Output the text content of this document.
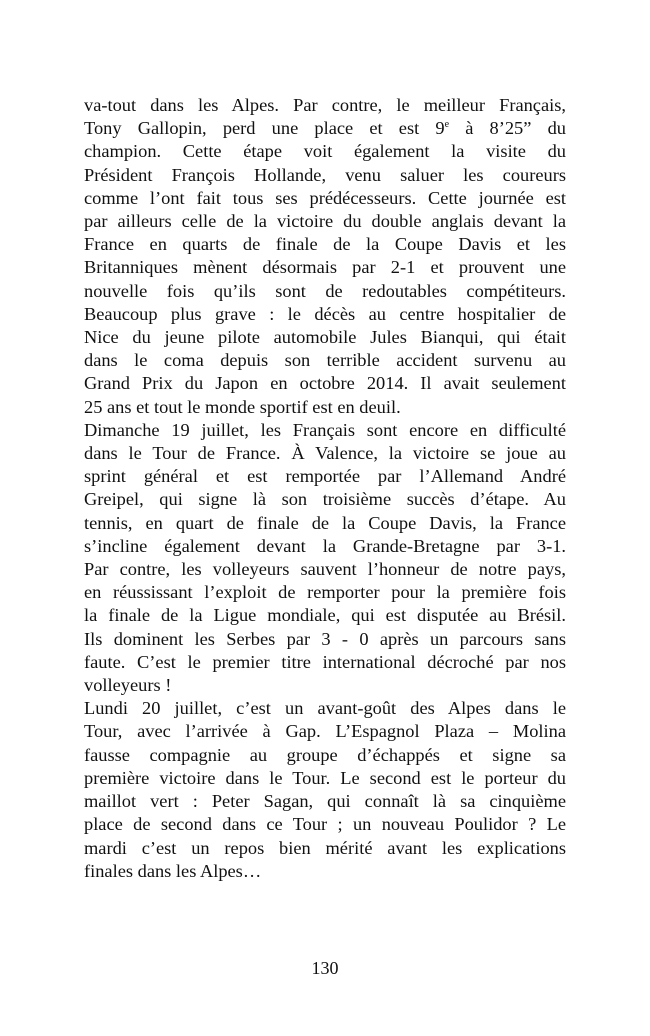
va-tout dans les Alpes. Par contre, le meilleur Français,
Tony Gallopin, perd une place et est 9e à 8’25” du
champion. Cette étape voit également la visite du
Président François Hollande, venu saluer les coureurs
comme l’ont fait tous ses prédécesseurs. Cette journée est
par ailleurs celle de la victoire du double anglais devant la
France en quarts de finale de la Coupe Davis et les
Britanniques mènent désormais par 2-1 et prouvent une
nouvelle fois qu’ils sont de redoutables compétiteurs.
Beaucoup plus grave : le décès au centre hospitalier de
Nice du jeune pilote automobile Jules Bianqui, qui était
dans le coma depuis son terrible accident survenu au
Grand Prix du Japon en octobre 2014. Il avait seulement
25 ans et tout le monde sportif est en deuil.
Dimanche 19 juillet, les Français sont encore en difficulté
dans le Tour de France. À Valence, la victoire se joue au
sprint général et est remportée par l’Allemand André
Greipel, qui signe là son troisième succès d’étape. Au
tennis, en quart de finale de la Coupe Davis, la France
s’incline également devant la Grande-Bretagne par 3-1.
Par contre, les volleyeurs sauvent l’honneur de notre pays,
en réussissant l’exploit de remporter pour la première fois
la finale de la Ligue mondiale, qui est disputée au Brésil.
Ils dominent les Serbes par 3 - 0 après un parcours sans
faute. C’est le premier titre international décroché par nos
volleyeurs !
Lundi 20 juillet, c’est un avant-goût des Alpes dans le
Tour, avec l’arrivée à Gap. L’Espagnol Plaza – Molina
fausse compagnie au groupe d’échappés et signe sa
première victoire dans le Tour. Le second est le porteur du
maillot vert : Peter Sagan, qui connaît là sa cinquième
place de second dans ce Tour ; un nouveau Poulidor ? Le
mardi c’est un repos bien mérité avant les explications
finales dans les Alpes…
130
